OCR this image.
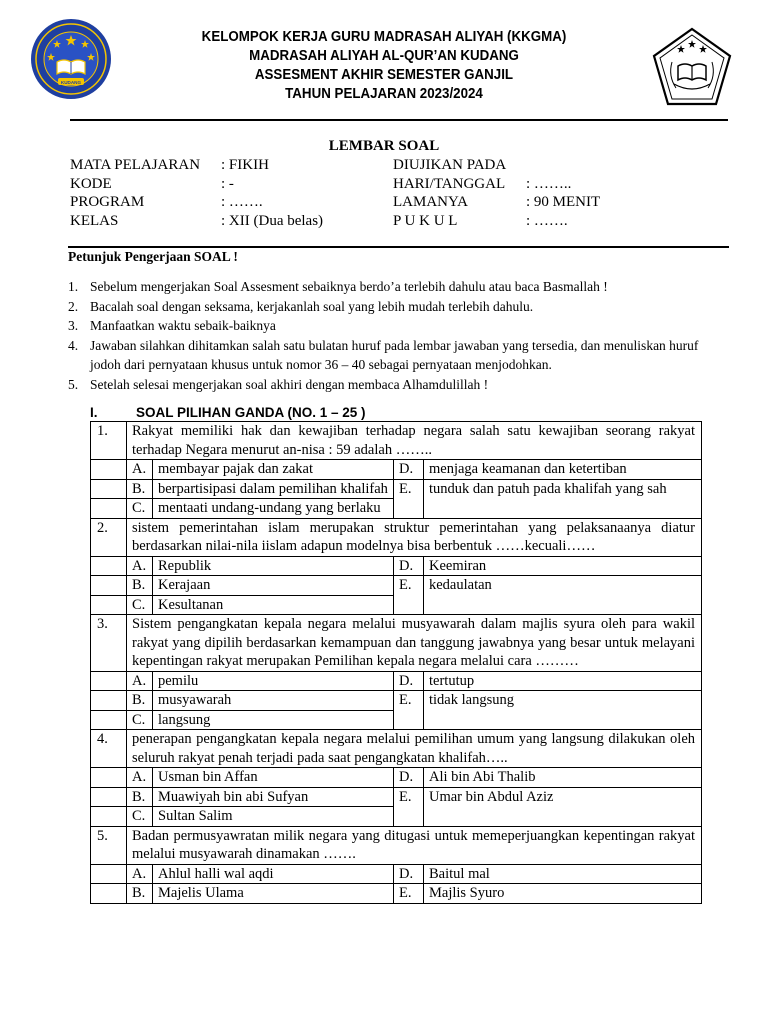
KUDANG
KELOMPOK KERJA GURU MADRASAH ALIYAH (KKGMA)
MADRASAH ALIYAH AL-QUR’AN KUDANG
ASSESMENT AKHIR SEMESTER GANJIL
TAHUN PELAJARAN 2023/2024
LEMBAR SOAL
MATA PELAJARAN : FIKIH
KODE	: -
PROGRAM	: …….
KELAS	: XII (Dua belas)
DIUJIKAN PADA
HARI/TANGGAL : ……..
LAMANYA	: 90 MENIT
P U K U L	: …….
Petunjuk Pengerjaan SOAL !
1. Sebelum mengerjakan Soal Assesment sebaiknya berdo’a terlebih dahulu atau baca Basmallah !
2. Bacalah soal dengan seksama, kerjakanlah soal yang lebih mudah terlebih dahulu.
3. Manfaatkan waktu sebaik-baiknya
4. Jawaban silahkan dihitamkan salah satu bulatan huruf pada lembar jawaban yang tersedia, dan menuliskan huruf jodoh dari pernyataan khusus untuk nomor 36 – 40 sebagai pernyataan menjodohkan.
5. Setelah selesai mengerjakan soal akhiri dengan membaca Alhamdulillah !
I.	SOAL PILIHAN GANDA (NO. 1 – 25 )
1.	Rakyat memiliki hak dan kewajiban terhadap negara salah satu kewajiban seorang rakyat terhadap Negara menurut an-nisa : 59 adalah ……..			
	A.	membayar pajak dan zakat	D.	menjaga keamanan dan ketertiban
	B.	berpartisipasi dalam pemilihan khalifah	E.	tunduk dan patuh pada khalifah yang sah
	C.	mentaati undang-undang yang berlaku		
2.	sistem pemerintahan islam merupakan struktur pemerintahan yang pelaksanaanya diatur berdasarkan nilai-nila iislam adapun modelnya bisa berbentuk ……kecuali……			
	A.	Republik	D.	Keemiran
	B.	Kerajaan	E.	kedaulatan
	C.	Kesultanan		
3.	Sistem pengangkatan kepala negara melalui musyawarah dalam majlis syura oleh para wakil rakyat yang dipilih berdasarkan kemampuan dan tanggung jawabnya yang besar untuk melayani kepentingan rakyat merupakan Pemilihan kepala negara melalui cara ………			
	A.	pemilu	D.	tertutup
	B.	musyawarah	E.	tidak langsung
	C.	langsung		
4.	penerapan pengangkatan kepala negara melalui pemilihan umum yang langsung dilakukan oleh seluruh rakyat penah terjadi pada saat pengangkatan khalifah…..			
	A.	Usman bin Affan	D.	Ali bin Abi Thalib
	B.	Muawiyah bin abi Sufyan	E.	Umar bin Abdul Aziz
	C.	Sultan Salim		
5.	Badan permusyawratan milik negara yang ditugasi untuk memeperjuangkan kepentingan rakyat melalui musyawarah dinamakan …….			
	A.	Ahlul halli wal aqdi	D.	Baitul mal
	B.	Majelis Ulama	E.	Majlis Syuro
